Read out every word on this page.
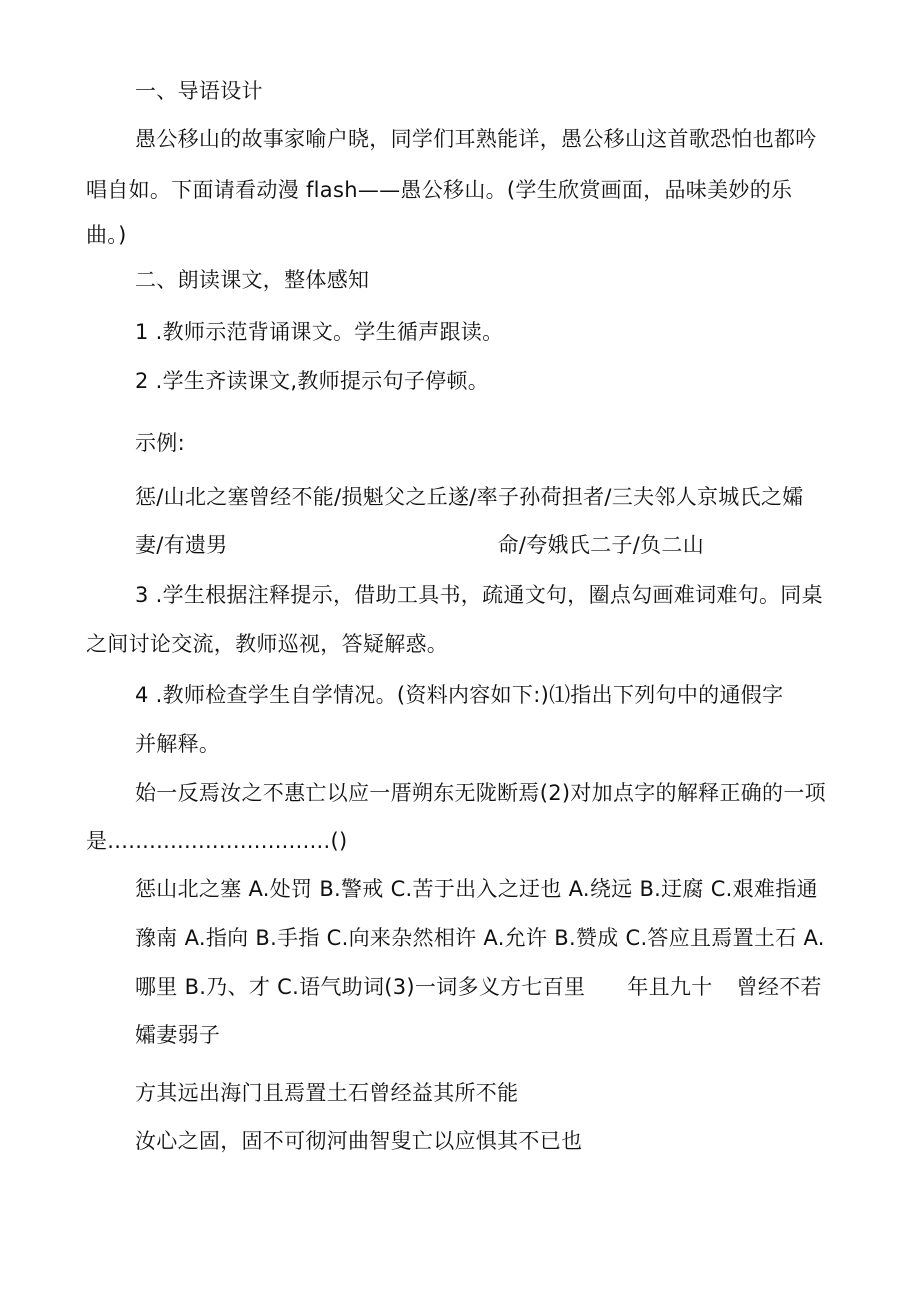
一、导语设计
愚公移山的故事家喻户晓，同学们耳熟能详，愚公移山这首歌恐怕也都吟
唱自如。下面请看动漫 flash——愚公移山。(学生欣赏画面，品味美妙的乐
曲。)
二、朗读课文，整体感知
1 .教师示范背诵课文。学生循声跟读。
2 .学生齐读课文,教师提示句子停顿。
示例:
惩/山北之塞曾经不能/损魁父之丘遂/率子孙荷担者/三夫邻人京城氏之孀
妻/有遗男	命/夸娥氏二子/负二山
3 .学生根据注释提示，借助工具书，疏通文句，圈点勾画难词难句。同桌
之间讨论交流，教师巡视，答疑解惑。
4 .教师检查学生自学情况。(资料内容如下:)⑴指出下列句中的通假字
并解释。
始一反焉汝之不惠亡以应一厝朔东无陇断焉(2)对加点字的解释正确的一项
是................................()
惩山北之塞 A.处罚 B.警戒 C.苦于出入之迂也 A.绕远 B.迂腐 C.艰难指通
豫南 A.指向 B.手指 C.向来杂然相许 A.允许 B.赞成 C.答应且焉置土石 A.
哪里 B.乃、才 C.语气助词(3)一词多义方七百里 年且九十 曾经不若
孀妻弱子
方其远出海门且焉置土石曾经益其所不能
汝心之固，固不可彻河曲智叟亡以应惧其不已也
